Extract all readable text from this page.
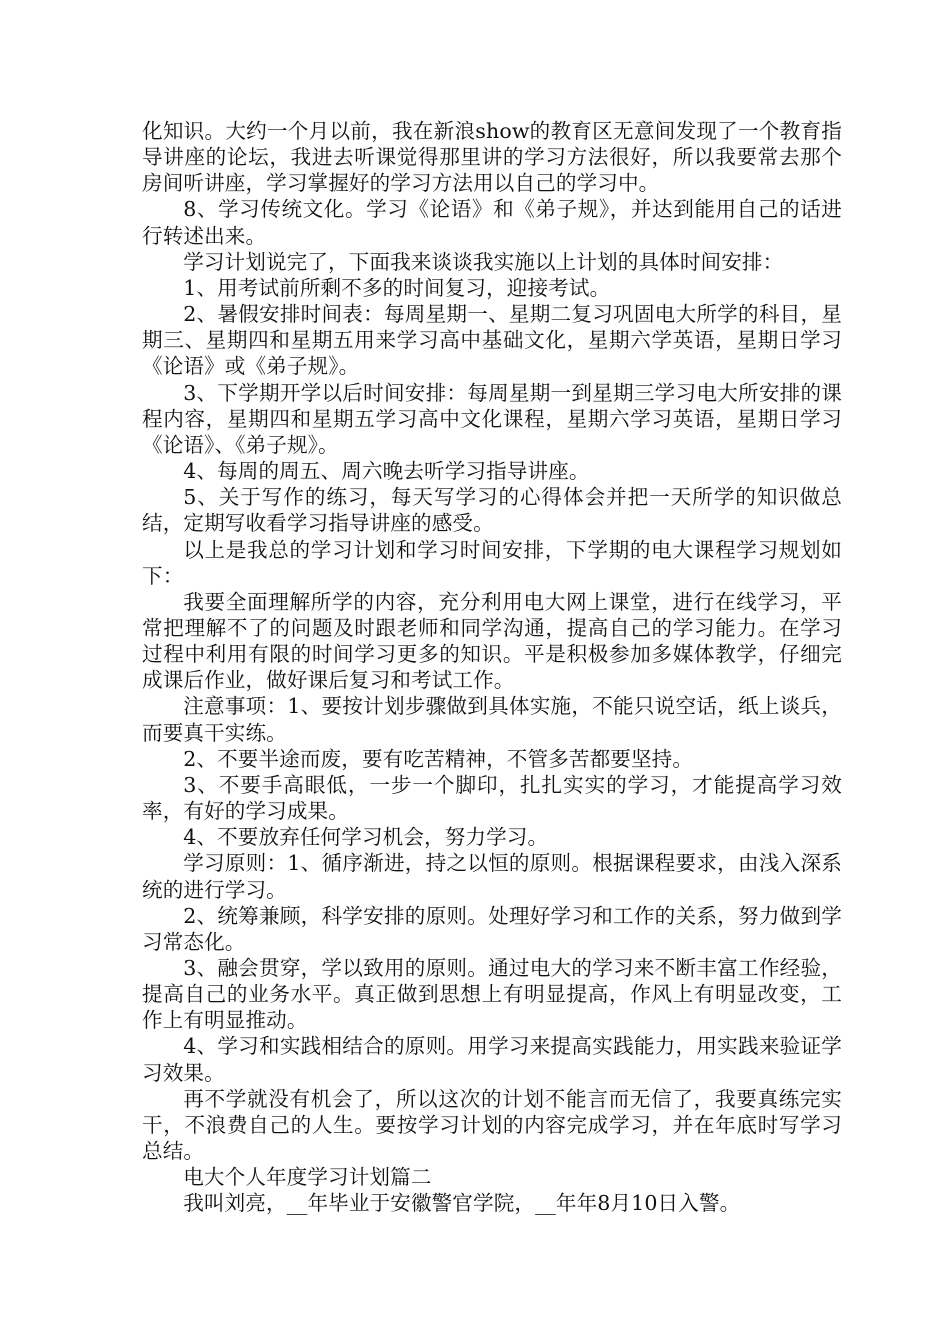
化知识。大约一个月以前，我在新浪show的教育区无意间发现了一个教育指导讲座的论坛，我进去听课觉得那里讲的学习方法很好，所以我要常去那个房间听讲座，学习掌握好的学习方法用以自己的学习中。

8、学习传统文化。学习《论语》和《弟子规》，并达到能用自己的话进行转述出来。

学习计划说完了，下面我来谈谈我实施以上计划的具体时间安排：

1、用考试前所剩不多的时间复习，迎接考试。

2、暑假安排时间表：每周星期一、星期二复习巩固电大所学的科目，星期三、星期四和星期五用来学习高中基础文化，星期六学英语，星期日学习《论语》或《弟子规》。

3、下学期开学以后时间安排：每周星期一到星期三学习电大所安排的课程内容，星期四和星期五学习高中文化课程，星期六学习英语，星期日学习《论语》、《弟子规》。

4、每周的周五、周六晚去听学习指导讲座。

5、关于写作的练习，每天写学习的心得体会并把一天所学的知识做总结，定期写收看学习指导讲座的感受。

以上是我总的学习计划和学习时间安排，下学期的电大课程学习规划如下：

我要全面理解所学的内容，充分利用电大网上课堂，进行在线学习，平常把理解不了的问题及时跟老师和同学沟通，提高自己的学习能力。在学习过程中利用有限的时间学习更多的知识。平是积极参加多媒体教学，仔细完成课后作业，做好课后复习和考试工作。

注意事项：1、要按计划步骤做到具体实施，不能只说空话，纸上谈兵，而要真干实练。

2、不要半途而废，要有吃苦精神，不管多苦都要坚持。

3、不要手高眼低，一步一个脚印，扎扎实实的学习，才能提高学习效率，有好的学习成果。

4、不要放弃任何学习机会，努力学习。

学习原则：1、循序渐进，持之以恒的原则。根据课程要求，由浅入深系统的进行学习。

2、统筹兼顾，科学安排的原则。处理好学习和工作的关系，努力做到学习常态化。

3、融会贯穿，学以致用的原则。通过电大的学习来不断丰富工作经验，提高自己的业务水平。真正做到思想上有明显提高，作风上有明显改变，工作上有明显推动。

4、学习和实践相结合的原则。用学习来提高实践能力，用实践来验证学习效果。

再不学就没有机会了，所以这次的计划不能言而无信了，我要真练完实干，不浪费自己的人生。要按学习计划的内容完成学习，并在年底时写学习总结。

电大个人年度学习计划篇二

我叫刘亮，__年毕业于安徽警官学院，__年年8月10日入警。
